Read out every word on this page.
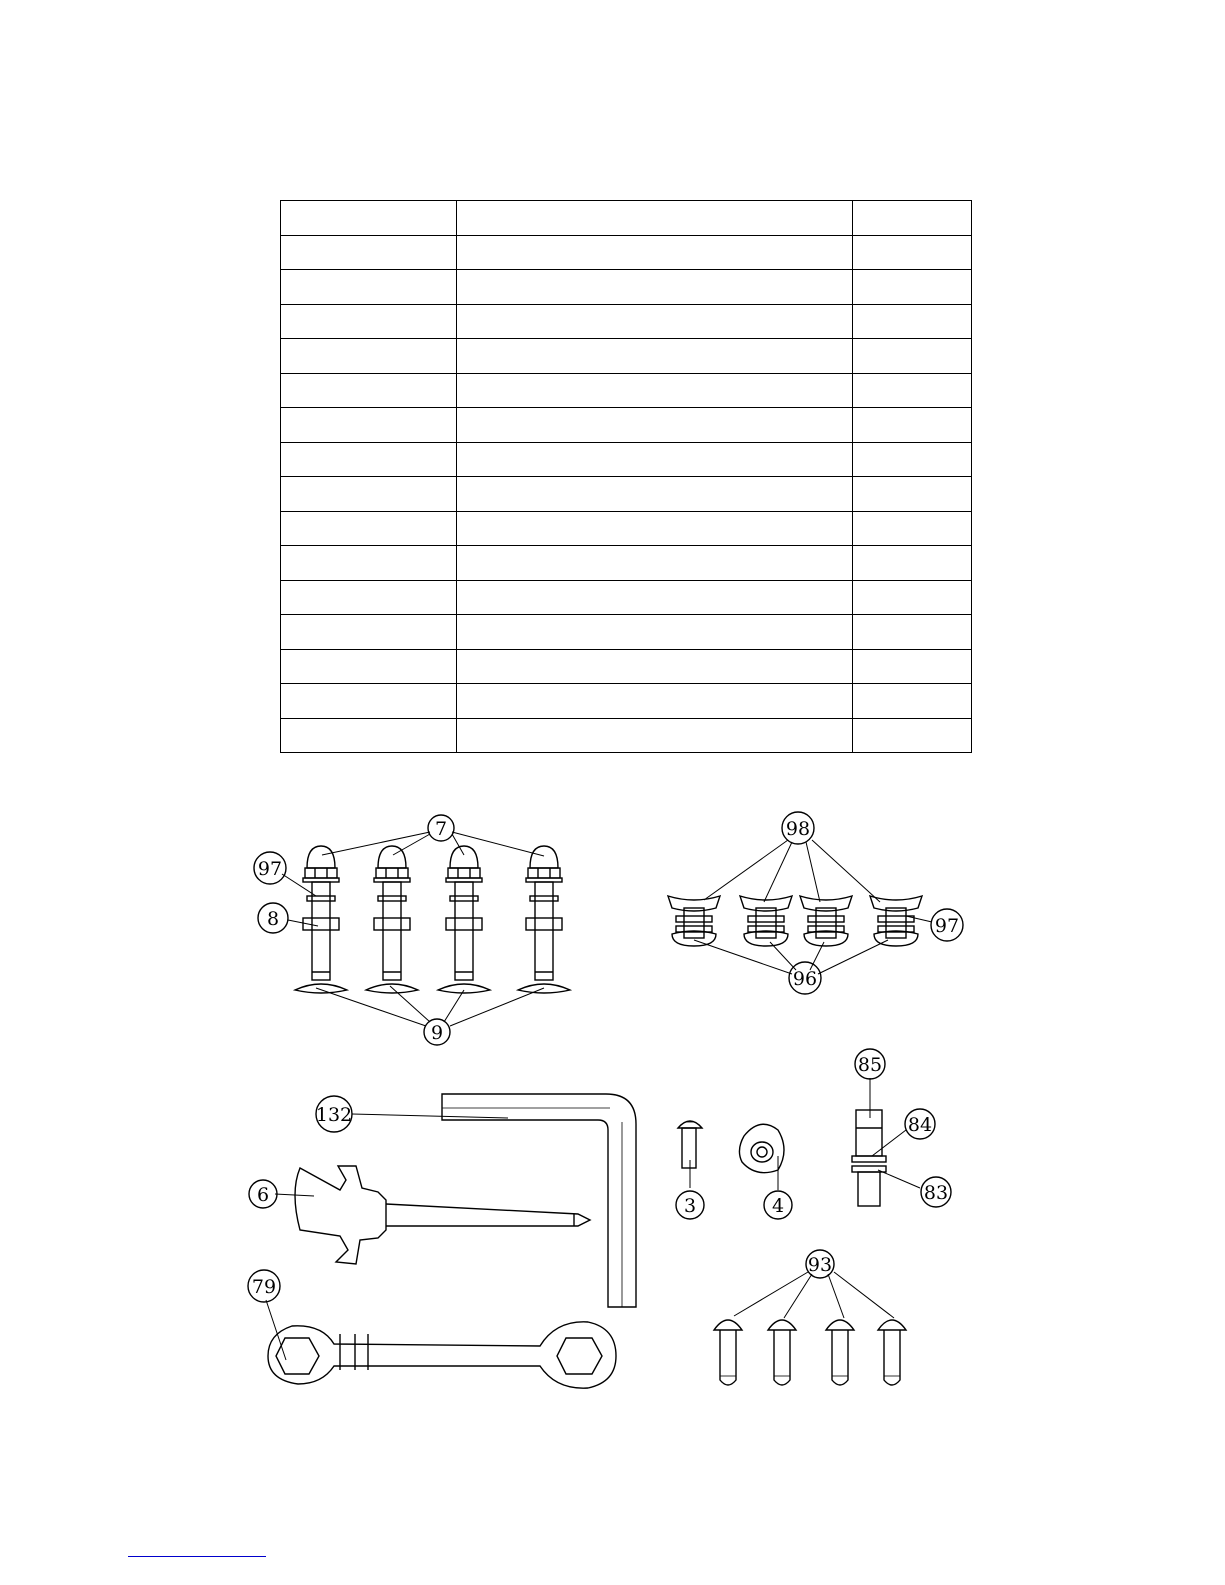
7
97
8
9
98
97
96
132
6
79
3	4
85
84
83
93
